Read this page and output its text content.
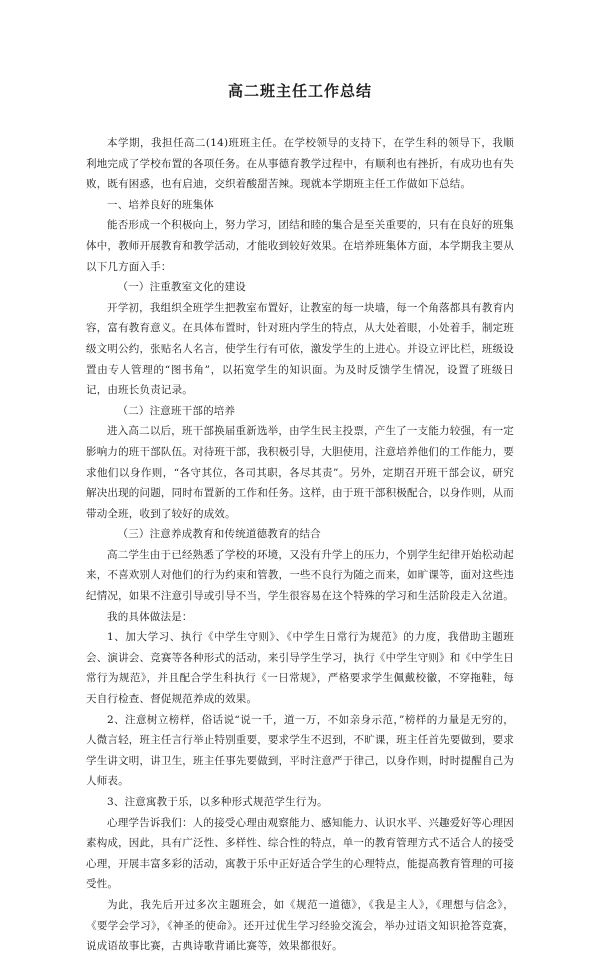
高二班主任工作总结

本学期，我担任高二(14)班班主任。在学校领导的支持下，在学生科的领导下，我顺利地完成了学校布置的各项任务。在从事德育教学过程中，有顺利也有挫折，有成功也有失败，既有困惑，也有启迪，交织着酸甜苦辣。现就本学期班主任工作做如下总结。

一、培养良好的班集体

能否形成一个积极向上，努力学习，团结和睦的集合是至关重要的，只有在良好的班集体中，教师开展教育和教学活动，才能收到较好效果。在培养班集体方面，本学期我主要从以下几方面入手：

（一）注重教室文化的建设

开学初，我组织全班学生把教室布置好，让教室的每一块墙，每一个角落都具有教育内容，富有教育意义。在具体布置时，针对班内学生的特点，从大处着眼，小处着手，制定班级文明公约，张贴名人名言，使学生行有可依，激发学生的上进心。并设立评比栏，班级设置由专人管理的“图书角”，以拓宽学生的知识面。为及时反馈学生情况，设置了班级日记，由班长负责记录。

（二）注意班干部的培养

进入高二以后，班干部换届重新选举，由学生民主投票，产生了一支能力较强，有一定影响力的班干部队伍。对待班干部，我积极引导，大胆使用，注意培养他们的工作能力，要求他们以身作则，“各守其位，各司其职，各尽其责”。另外，定期召开班干部会议，研究解决出现的问题，同时布置新的工作和任务。这样，由于班干部积极配合，以身作则，从而带动全班，收到了较好的成效。

（三）注意养成教育和传统道德教育的结合

高二学生由于已经熟悉了学校的环境，又没有升学上的压力，个别学生纪律开始松动起来，不喜欢别人对他们的行为约束和管教，一些不良行为随之而来，如旷课等，面对这些违纪情况，如果不注意引导或引导不当，学生很容易在这个特殊的学习和生活阶段走入岔道。

我的具体做法是：

1、加大学习、执行《中学生守则》、《中学生日常行为规范》的力度，我借助主题班会、演讲会、竞赛等各种形式的活动，来引导学生学习，执行《中学生守则》和《中学生日常行为规范》，并且配合学生科执行《一日常规》，严格要求学生佩戴校徽，不穿拖鞋，每天自行检查、督促规范养成的效果。

2、注意树立榜样，俗话说“说一千，道一万，不如亲身示范，”榜样的力量是无穷的，人微言轻，班主任言行举止特别重要，要求学生不迟到，不旷课，班主任首先要做到，要求学生讲文明，讲卫生，班主任事先要做到，平时注意严于律己，以身作则，时时提醒自己为人师表。

3、注意寓教于乐，以多种形式规范学生行为。

心理学告诉我们：人的接受心理由观察能力、感知能力、认识水平、兴趣爱好等心理因素构成，因此，具有广泛性、多样性、综合性的特点，单一的教育管理方式不适合人的接受心理，开展丰富多彩的活动，寓教于乐中正好适合学生的心理特点，能提高教育管理的可接受性。

为此，我先后开过多次主题班会，如《规范一道德》，《我是主人》，《理想与信念》，《要学会学习》，《神圣的使命》。还开过优生学习经验交流会，举办过语文知识抢答竞赛，说成语故事比赛，古典诗歌背诵比赛等，效果都很好。
